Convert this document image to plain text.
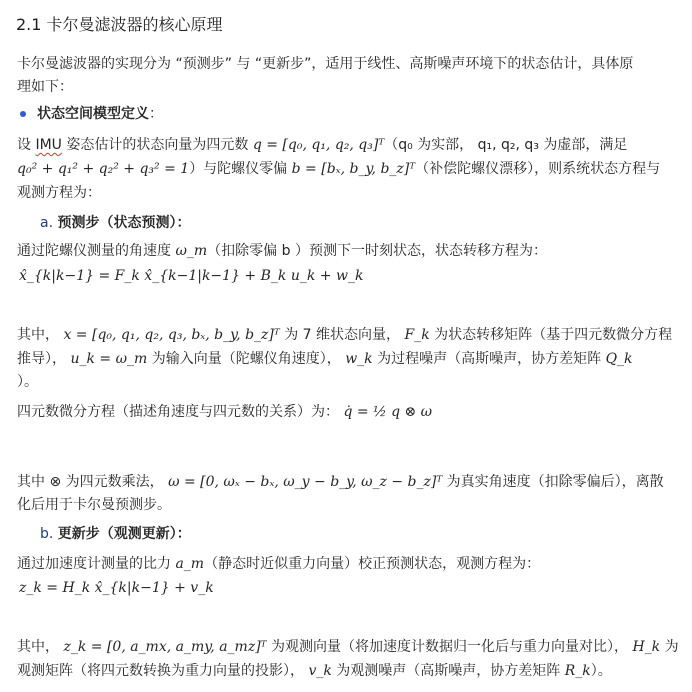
2.1 卡尔曼滤波器的核心原理
卡尔曼滤波器的实现分为 “预测步” 与 “更新步”，适用于线性、高斯噪声环境下的状态估计，具体原
理如下：
状态空间模型定义：
设 IMU 姿态估计的状态向量为四元数 q = [q₀, q₁, q₂, q₃]ᵀ（q₀ 为实部， q₁, q₂, q₃ 为虚部，满足
q₀² + q₁² + q₂² + q₃² = 1）与陀螺仪零偏 b = [bₓ, b_y, b_z]ᵀ（补偿陀螺仪漂移），则系统状态方程与
观测方程为：
a. 预测步（状态预测）：
通过陀螺仪测量的角速度 ω_m（扣除零偏 b ）预测下一时刻状态，状态转移方程为：
x̂_{k|k−1} = F_k x̂_{k−1|k−1} + B_k u_k + w_k
其中， x = [q₀, q₁, q₂, q₃, bₓ, b_y, b_z]ᵀ 为 7 维状态向量， F_k 为状态转移矩阵（基于四元数微分方程
推导）， u_k = ω_m 为输入向量（陀螺仪角速度）， w_k 为过程噪声（高斯噪声，协方差矩阵 Q_k
）。
四元数微分方程（描述角速度与四元数的关系）为： q̇ = ½ q ⊗ ω
其中 ⊗ 为四元数乘法， ω = [0, ωₓ − bₓ, ω_y − b_y, ω_z − b_z]ᵀ 为真实角速度（扣除零偏后），离散
化后用于卡尔曼预测步。
b. 更新步（观测更新）：
通过加速度计测量的比力 a_m（静态时近似重力向量）校正预测状态，观测方程为：
z_k = H_k x̂_{k|k−1} + v_k
其中， z_k = [0, a_mx, a_my, a_mz]ᵀ 为观测向量（将加速度计数据归一化后与重力向量对比）， H_k 为
观测矩阵（将四元数转换为重力向量的投影）， v_k 为观测噪声（高斯噪声，协方差矩阵 R_k）。
